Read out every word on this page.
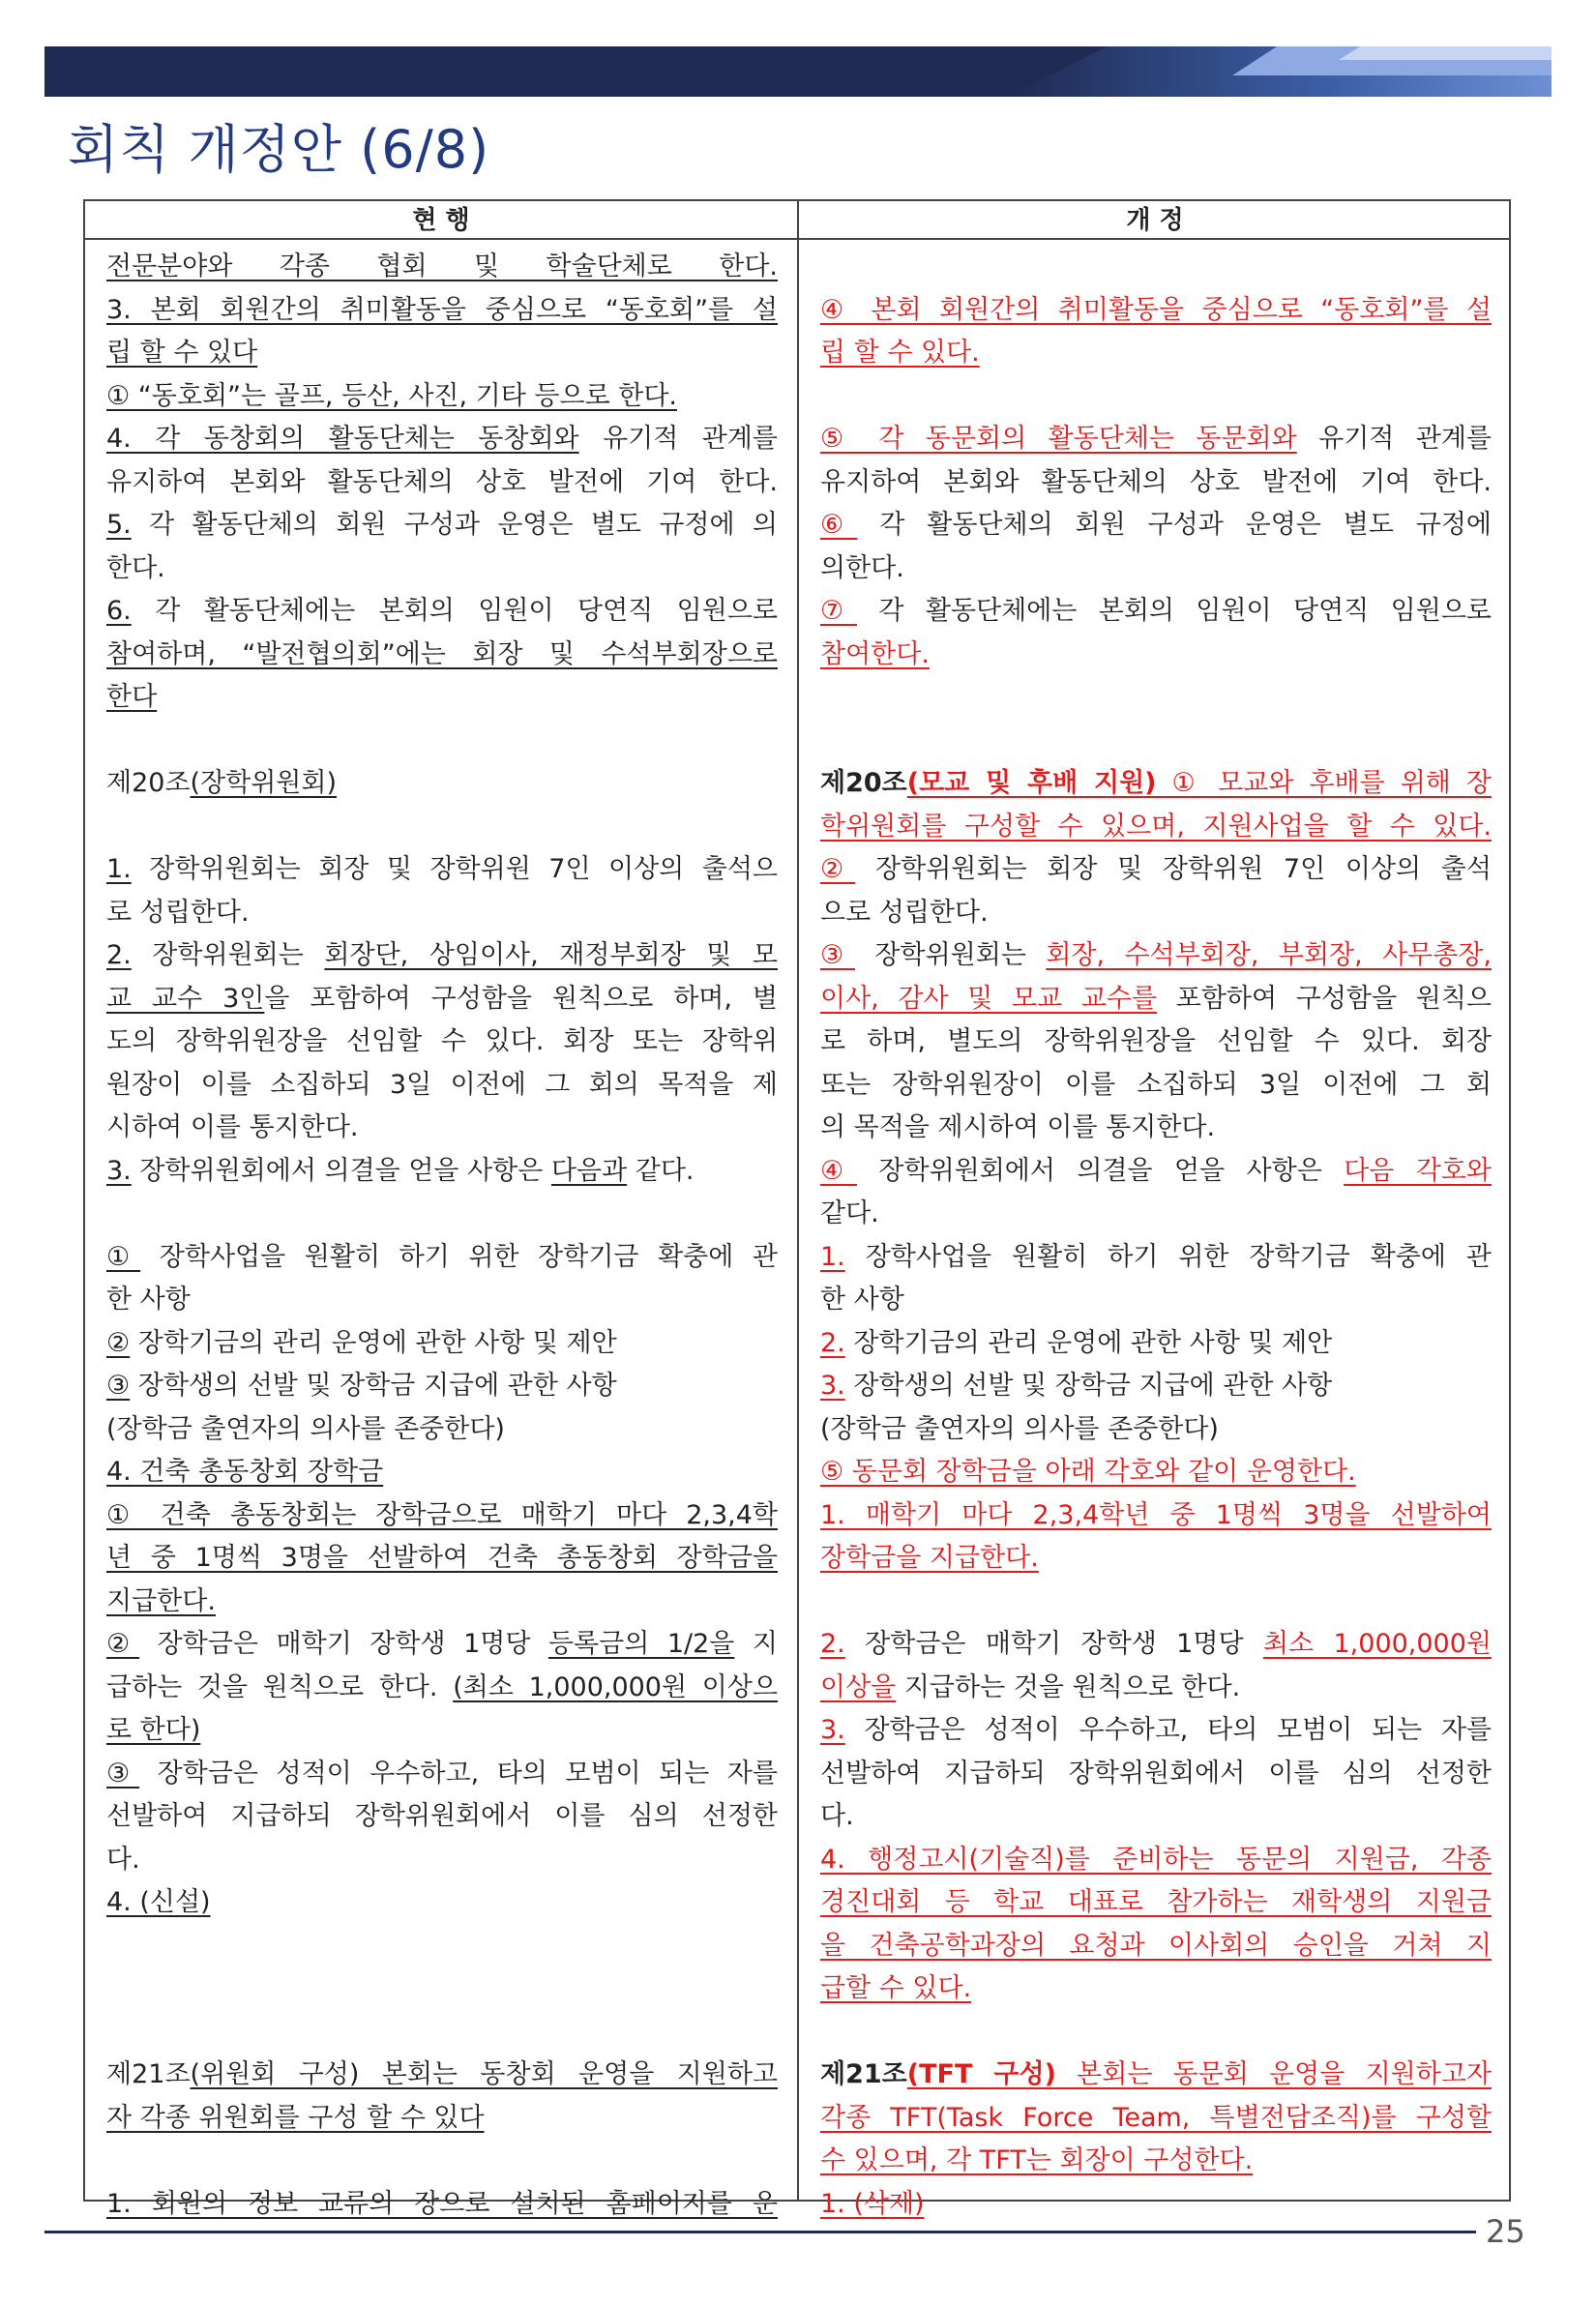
회칙 개정안 (6/8)
현 행	개 정
전문분야와 각종 협회 및 학술단체로 한다.
3. 본회 회원간의 취미활동을 중심으로 “동호회”를 설
립 할 수 있다
① “동호회”는 골프, 등산, 사진, 기타 등으로 한다.
4. 각 동창회의 활동단체는 동창회와 유기적 관계를
유지하여 본회와 활동단체의 상호 발전에 기여 한다.
5. 각 활동단체의 회원 구성과 운영은 별도 규정에 의
한다.
6. 각 활동단체에는 본회의 임원이 당연직 임원으로
참여하며, “발전협의회”에는 회장 및 수석부회장으로
한다
제20조(장학위원회)
1. 장학위원회는 회장 및 장학위원 7인 이상의 출석으
로 성립한다.
2. 장학위원회는 회장단, 상임이사, 재정부회장 및 모
교 교수 3인을 포함하여 구성함을 원칙으로 하며, 별
도의 장학위원장을 선임할 수 있다. 회장 또는 장학위
원장이 이를 소집하되 3일 이전에 그 회의 목적을 제
시하여 이를 통지한다.
3. 장학위원회에서 의결을 얻을 사항은 다음과 같다.
① 장학사업을 원활히 하기 위한 장학기금 확충에 관
한 사항
② 장학기금의 관리 운영에 관한 사항 및 제안
③ 장학생의 선발 및 장학금 지급에 관한 사항
(장학금 출연자의 의사를 존중한다)
4. 건축 총동창회 장학금
① 건축 총동창회는 장학금으로 매학기 마다 2,3,4학
년 중 1명씩 3명을 선발하여 건축 총동창회 장학금을
지급한다.
② 장학금은 매학기 장학생 1명당 등록금의 1/2을 지
급하는 것을 원칙으로 한다. (최소 1,000,000원 이상으
로 한다)
③ 장학금은 성적이 우수하고, 타의 모범이 되는 자를
선발하여 지급하되 장학위원회에서 이를 심의 선정한
다.
4. (신설)
제21조(위원회 구성) 본회는 동창회 운영을 지원하고
자 각종 위원회를 구성 할 수 있다
1. 회원의 정보 교류의 장으로 설치된 홈페이지를 운
④ 본회 회원간의 취미활동을 중심으로 “동호회”를 설
립 할 수 있다.
⑤ 각 동문회의 활동단체는 동문회와 유기적 관계를
유지하여 본회와 활동단체의 상호 발전에 기여 한다.
⑥ 각 활동단체의 회원 구성과 운영은 별도 규정에
의한다.
⑦ 각 활동단체에는 본회의 임원이 당연직 임원으로
참여한다.
제20조(모교 및 후배 지원) ① 모교와 후배를 위해 장
학위원회를 구성할 수 있으며, 지원사업을 할 수 있다.
② 장학위원회는 회장 및 장학위원 7인 이상의 출석
으로 성립한다.
③ 장학위원회는 회장, 수석부회장, 부회장, 사무총장,
이사, 감사 및 모교 교수를 포함하여 구성함을 원칙으
로 하며, 별도의 장학위원장을 선임할 수 있다. 회장
또는 장학위원장이 이를 소집하되 3일 이전에 그 회
의 목적을 제시하여 이를 통지한다.
④ 장학위원회에서 의결을 얻을 사항은 다음 각호와
같다.
1. 장학사업을 원활히 하기 위한 장학기금 확충에 관
한 사항
2. 장학기금의 관리 운영에 관한 사항 및 제안
3. 장학생의 선발 및 장학금 지급에 관한 사항
(장학금 출연자의 의사를 존중한다)
⑤ 동문회 장학금을 아래 각호와 같이 운영한다.
1. 매학기 마다 2,3,4학년 중 1명씩 3명을 선발하여
장학금을 지급한다.
2. 장학금은 매학기 장학생 1명당 최소 1,000,000원
이상을 지급하는 것을 원칙으로 한다.
3. 장학금은 성적이 우수하고, 타의 모범이 되는 자를
선발하여 지급하되 장학위원회에서 이를 심의 선정한
다.
4. 행정고시(기술직)를 준비하는 동문의 지원금, 각종
경진대회 등 학교 대표로 참가하는 재학생의 지원금
을 건축공학과장의 요청과 이사회의 승인을 거쳐 지
급할 수 있다.
제21조(TFT 구성) 본회는 동문회 운영을 지원하고자
각종 TFT(Task Force Team, 특별전담조직)를 구성할
수 있으며, 각 TFT는 회장이 구성한다.
1. (삭제)
25
